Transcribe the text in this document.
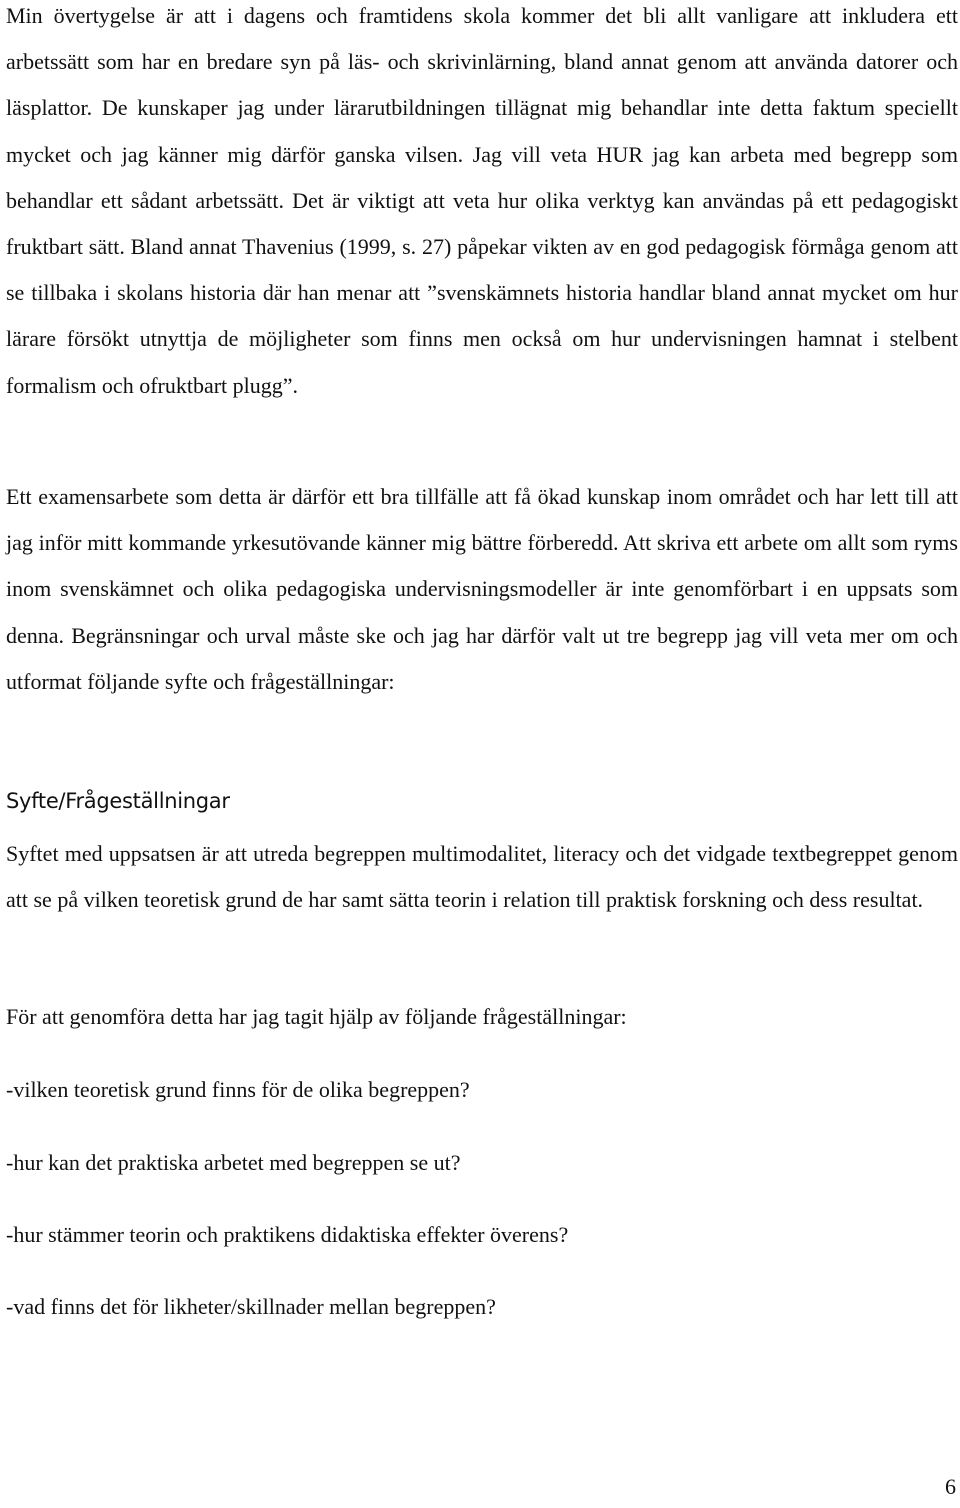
Min övertygelse är att i dagens och framtidens skola kommer det bli allt vanligare att inkludera ett arbetssätt som har en bredare syn på läs- och skrivinlärning, bland annat genom att använda datorer och läsplattor. De kunskaper jag under lärarutbildningen tillägnat mig behandlar inte detta faktum speciellt mycket och jag känner mig därför ganska vilsen. Jag vill veta HUR jag kan arbeta med begrepp som behandlar ett sådant arbetssätt. Det är viktigt att veta hur olika verktyg kan användas på ett pedagogiskt fruktbart sätt. Bland annat Thavenius (1999, s. 27) påpekar vikten av en god pedagogisk förmåga genom att se tillbaka i skolans historia där han menar att ”svenskämnets historia handlar bland annat mycket om hur lärare försökt utnyttja de möjligheter som finns men också om hur undervisningen hamnat i stelbent formalism och ofruktbart plugg”.

Ett examensarbete som detta är därför ett bra tillfälle att få ökad kunskap inom området och har lett till att jag inför mitt kommande yrkesutövande känner mig bättre förberedd. Att skriva ett arbete om allt som ryms inom svenskämnet och olika pedagogiska undervisningsmodeller är inte genomförbart i en uppsats som denna. Begränsningar och urval måste ske och jag har därför valt ut tre begrepp jag vill veta mer om och utformat följande syfte och frågeställningar:

Syfte/Frågeställningar

Syftet med uppsatsen är att utreda begreppen multimodalitet, literacy och det vidgade textbegreppet genom att se på vilken teoretisk grund de har samt sätta teorin i relation till praktisk forskning och dess resultat.

För att genomföra detta har jag tagit hjälp av följande frågeställningar:

-vilken teoretisk grund finns för de olika begreppen?

-hur kan det praktiska arbetet med begreppen se ut?

-hur stämmer teorin och praktikens didaktiska effekter överens?

-vad finns det för likheter/skillnader mellan begreppen?

6
